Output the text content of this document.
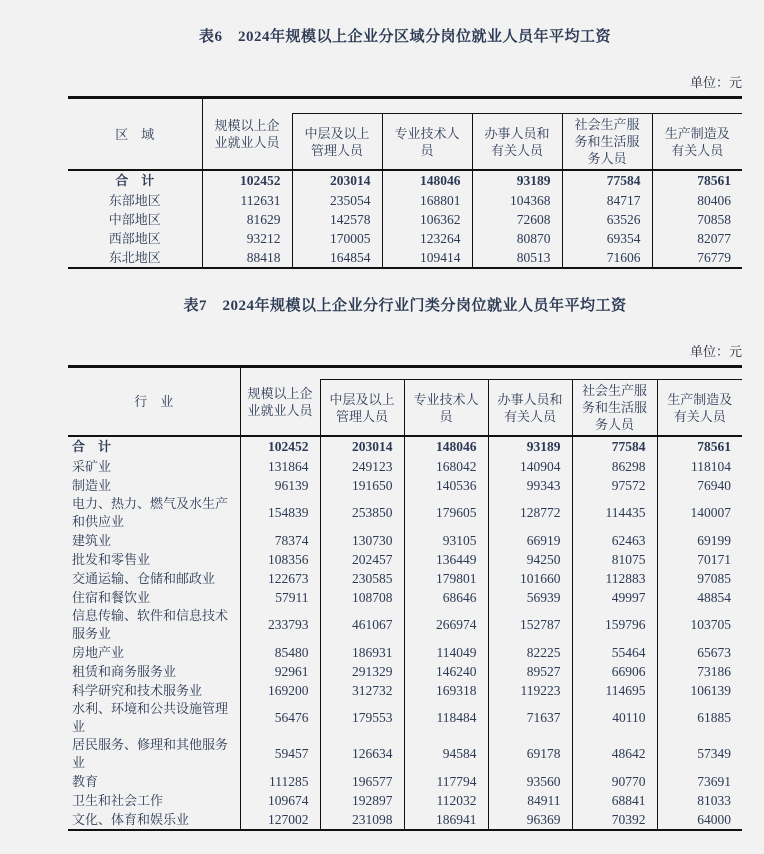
表6　2024年规模以上企业分区域分岗位就业人员年平均工资
单位：元
区　域	规模以上企业就业人员					
		中层及以上管理人员	专业技术人员	办事人员和有关人员	社会生产服务和生活服务人员	生产制造及有关人员
合　计	102452	203014	148046	93189	77584	78561
东部地区	112631	235054	168801	104368	84717	80406
中部地区	81629	142578	106362	72608	63526	70858
西部地区	93212	170005	123264	80870	69354	82077
东北地区	88418	164854	109414	80513	71606	76779
表7　2024年规模以上企业分行业门类分岗位就业人员年平均工资
单位：元
行　业	规模以上企业就业人员					
		中层及以上管理人员	专业技术人员	办事人员和有关人员	社会生产服务和生活服务人员	生产制造及有关人员
合　计	102452	203014	148046	93189	77584	78561
采矿业	131864	249123	168042	140904	86298	118104
制造业	96139	191650	140536	99343	97572	76940
电力、热力、燃气及水生产和供应业	154839	253850	179605	128772	114435	140007
建筑业	78374	130730	93105	66919	62463	69199
批发和零售业	108356	202457	136449	94250	81075	70171
交通运输、仓储和邮政业	122673	230585	179801	101660	112883	97085
住宿和餐饮业	57911	108708	68646	56939	49997	48854
信息传输、软件和信息技术服务业	233793	461067	266974	152787	159796	103705
房地产业	85480	186931	114049	82225	55464	65673
租赁和商务服务业	92961	291329	146240	89527	66906	73186
科学研究和技术服务业	169200	312732	169318	119223	114695	106139
水利、环境和公共设施管理业	56476	179553	118484	71637	40110	61885
居民服务、修理和其他服务业	59457	126634	94584	69178	48642	57349
教育	111285	196577	117794	93560	90770	73691
卫生和社会工作	109674	192897	112032	84911	68841	81033
文化、体育和娱乐业	127002	231098	186941	96369	70392	64000
